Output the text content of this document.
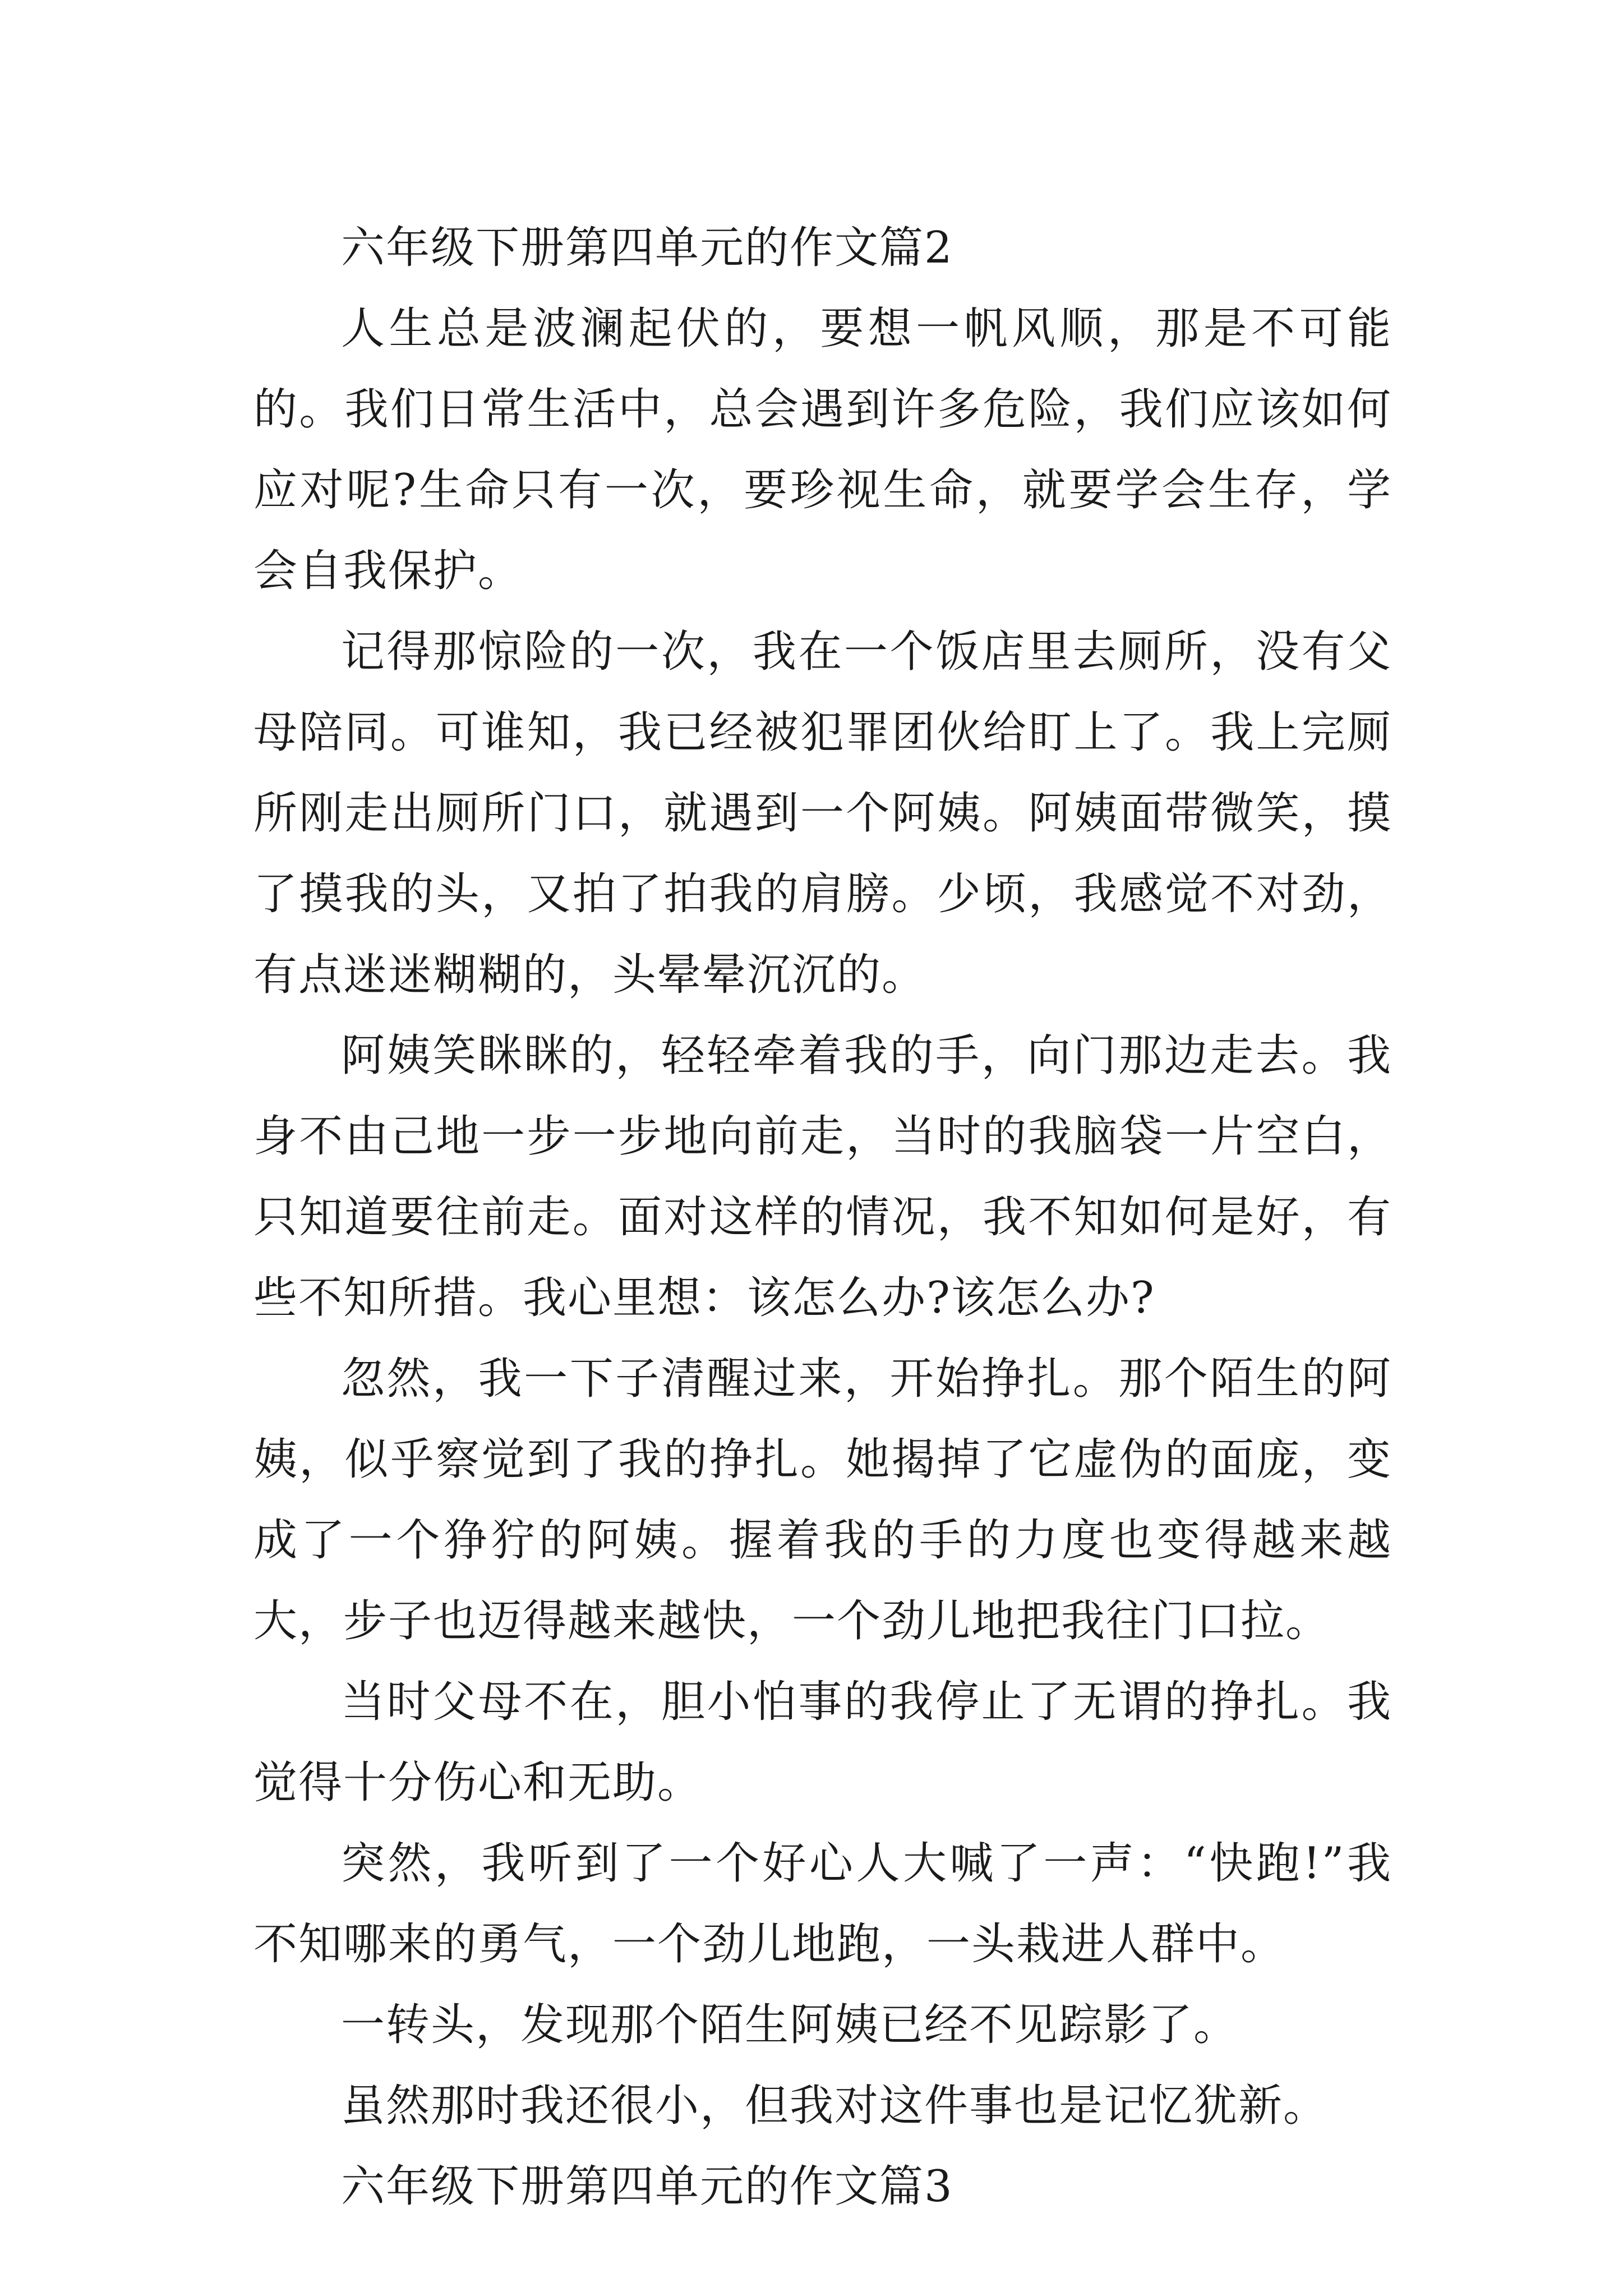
六年级下册第四单元的作文篇2

人生总是波澜起伏的，要想一帆风顺，那是不可能的。我们日常生活中，总会遇到许多危险，我们应该如何应对呢?生命只有一次，要珍视生命，就要学会生存，学会自我保护。

记得那惊险的一次，我在一个饭店里去厕所，没有父母陪同。可谁知，我已经被犯罪团伙给盯上了。我上完厕所刚走出厕所门口，就遇到一个阿姨。阿姨面带微笑，摸了摸我的头，又拍了拍我的肩膀。少顷，我感觉不对劲，有点迷迷糊糊的，头晕晕沉沉的。

阿姨笑眯眯的，轻轻牵着我的手，向门那边走去。我身不由己地一步一步地向前走，当时的我脑袋一片空白，只知道要往前走。面对这样的情况，我不知如何是好，有些不知所措。我心里想：该怎么办?该怎么办?

忽然，我一下子清醒过来，开始挣扎。那个陌生的阿姨，似乎察觉到了我的挣扎。她揭掉了它虚伪的面庞，变成了一个狰狞的阿姨。握着我的手的力度也变得越来越大，步子也迈得越来越快，一个劲儿地把我往门口拉。

当时父母不在，胆小怕事的我停止了无谓的挣扎。我觉得十分伤心和无助。

突然，我听到了一个好心人大喊了一声：“快跑!”我不知哪来的勇气，一个劲儿地跑，一头栽进人群中。

一转头，发现那个陌生阿姨已经不见踪影了。

虽然那时我还很小，但我对这件事也是记忆犹新。

六年级下册第四单元的作文篇3
